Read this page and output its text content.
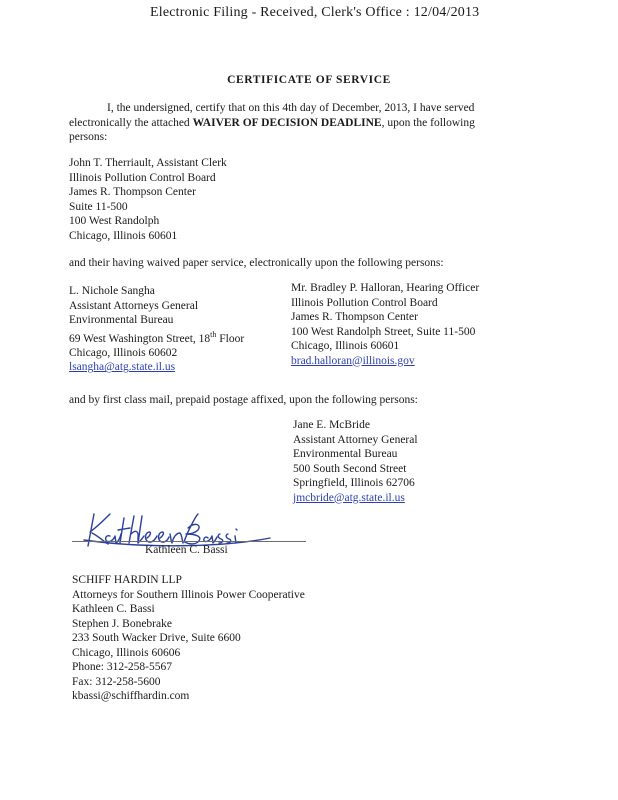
Electronic Filing - Received, Clerk's Office : 12/04/2013
CERTIFICATE OF SERVICE
I, the undersigned, certify that on this 4th day of December, 2013, I have served electronically the attached WAIVER OF DECISION DEADLINE, upon the following persons:
John T. Therriault, Assistant Clerk
Illinois Pollution Control Board
James R. Thompson Center
Suite 11-500
100 West Randolph
Chicago, Illinois 60601
and their having waived paper service, electronically upon the following persons:
L. Nichole Sangha
Assistant Attorneys General
Environmental Bureau
69 West Washington Street, 18th Floor
Chicago, Illinois 60602
lsangha@atg.state.il.us
Mr. Bradley P. Halloran, Hearing Officer
Illinois Pollution Control Board
James R. Thompson Center
100 West Randolph Street, Suite 11-500
Chicago, Illinois 60601
brad.halloran@illinois.gov
and by first class mail, prepaid postage affixed, upon the following persons:
Jane E. McBride
Assistant Attorney General
Environmental Bureau
500 South Second Street
Springfield, Illinois 62706
jmcbride@atg.state.il.us
Kathleen C. Bassi
SCHIFF HARDIN LLP
Attorneys for Southern Illinois Power Cooperative
Kathleen C. Bassi
Stephen J. Bonebrake
233 South Wacker Drive, Suite 6600
Chicago, Illinois 60606
Phone: 312-258-5567
Fax: 312-258-5600
kbassi@schiffhardin.com
